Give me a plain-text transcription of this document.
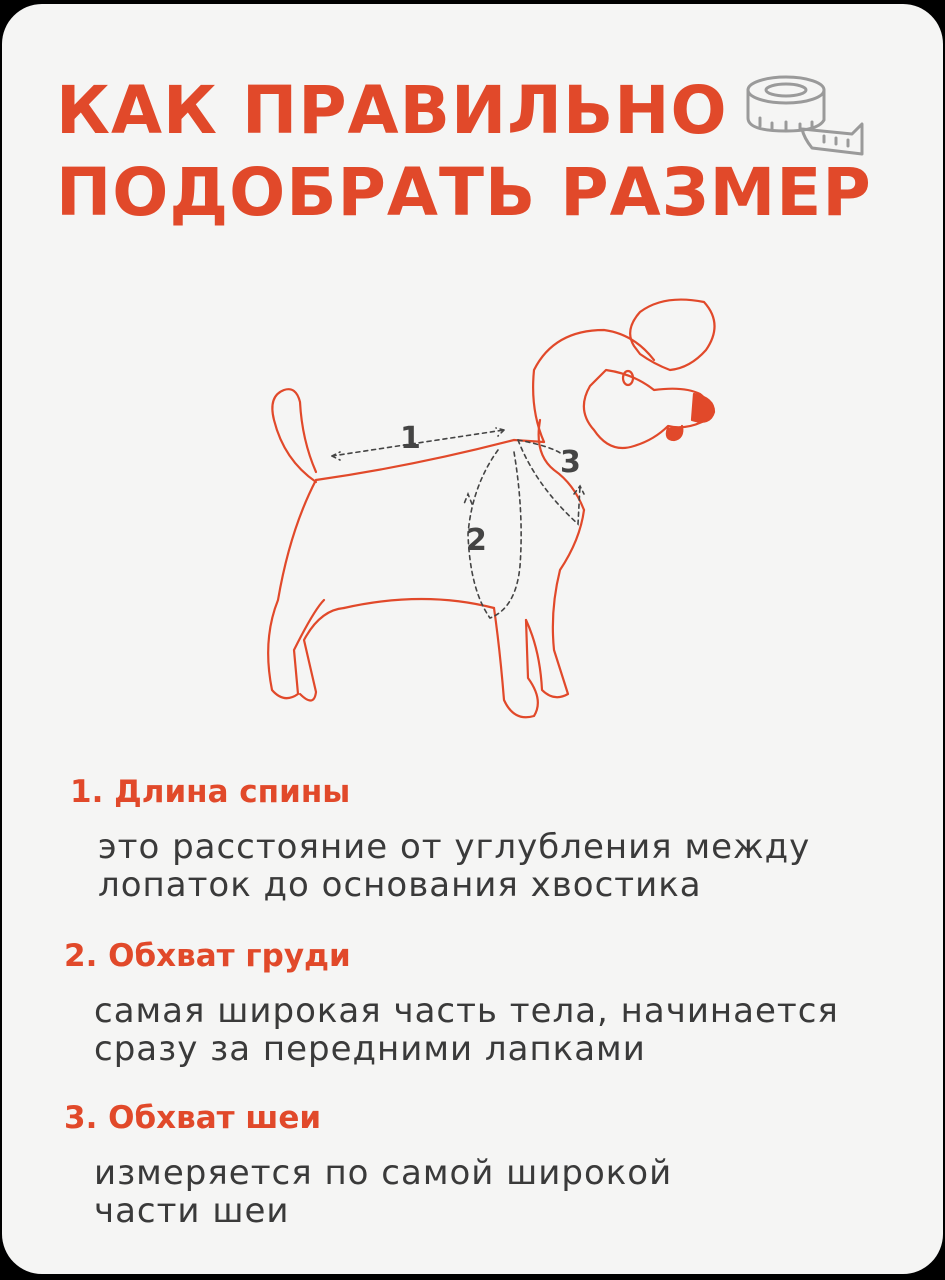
КАК ПРАВИЛЬНО
ПОДОБРАТЬ РАЗМЕР
1
2
3

1. Длина спины

это расстояние от углубления между

лопаток до основания хвостика

2. Обхват груди

самая широкая часть тела, начинается

сразу за передними лапками

3. Обхват шеи

измеряется по самой широкой

части шеи
